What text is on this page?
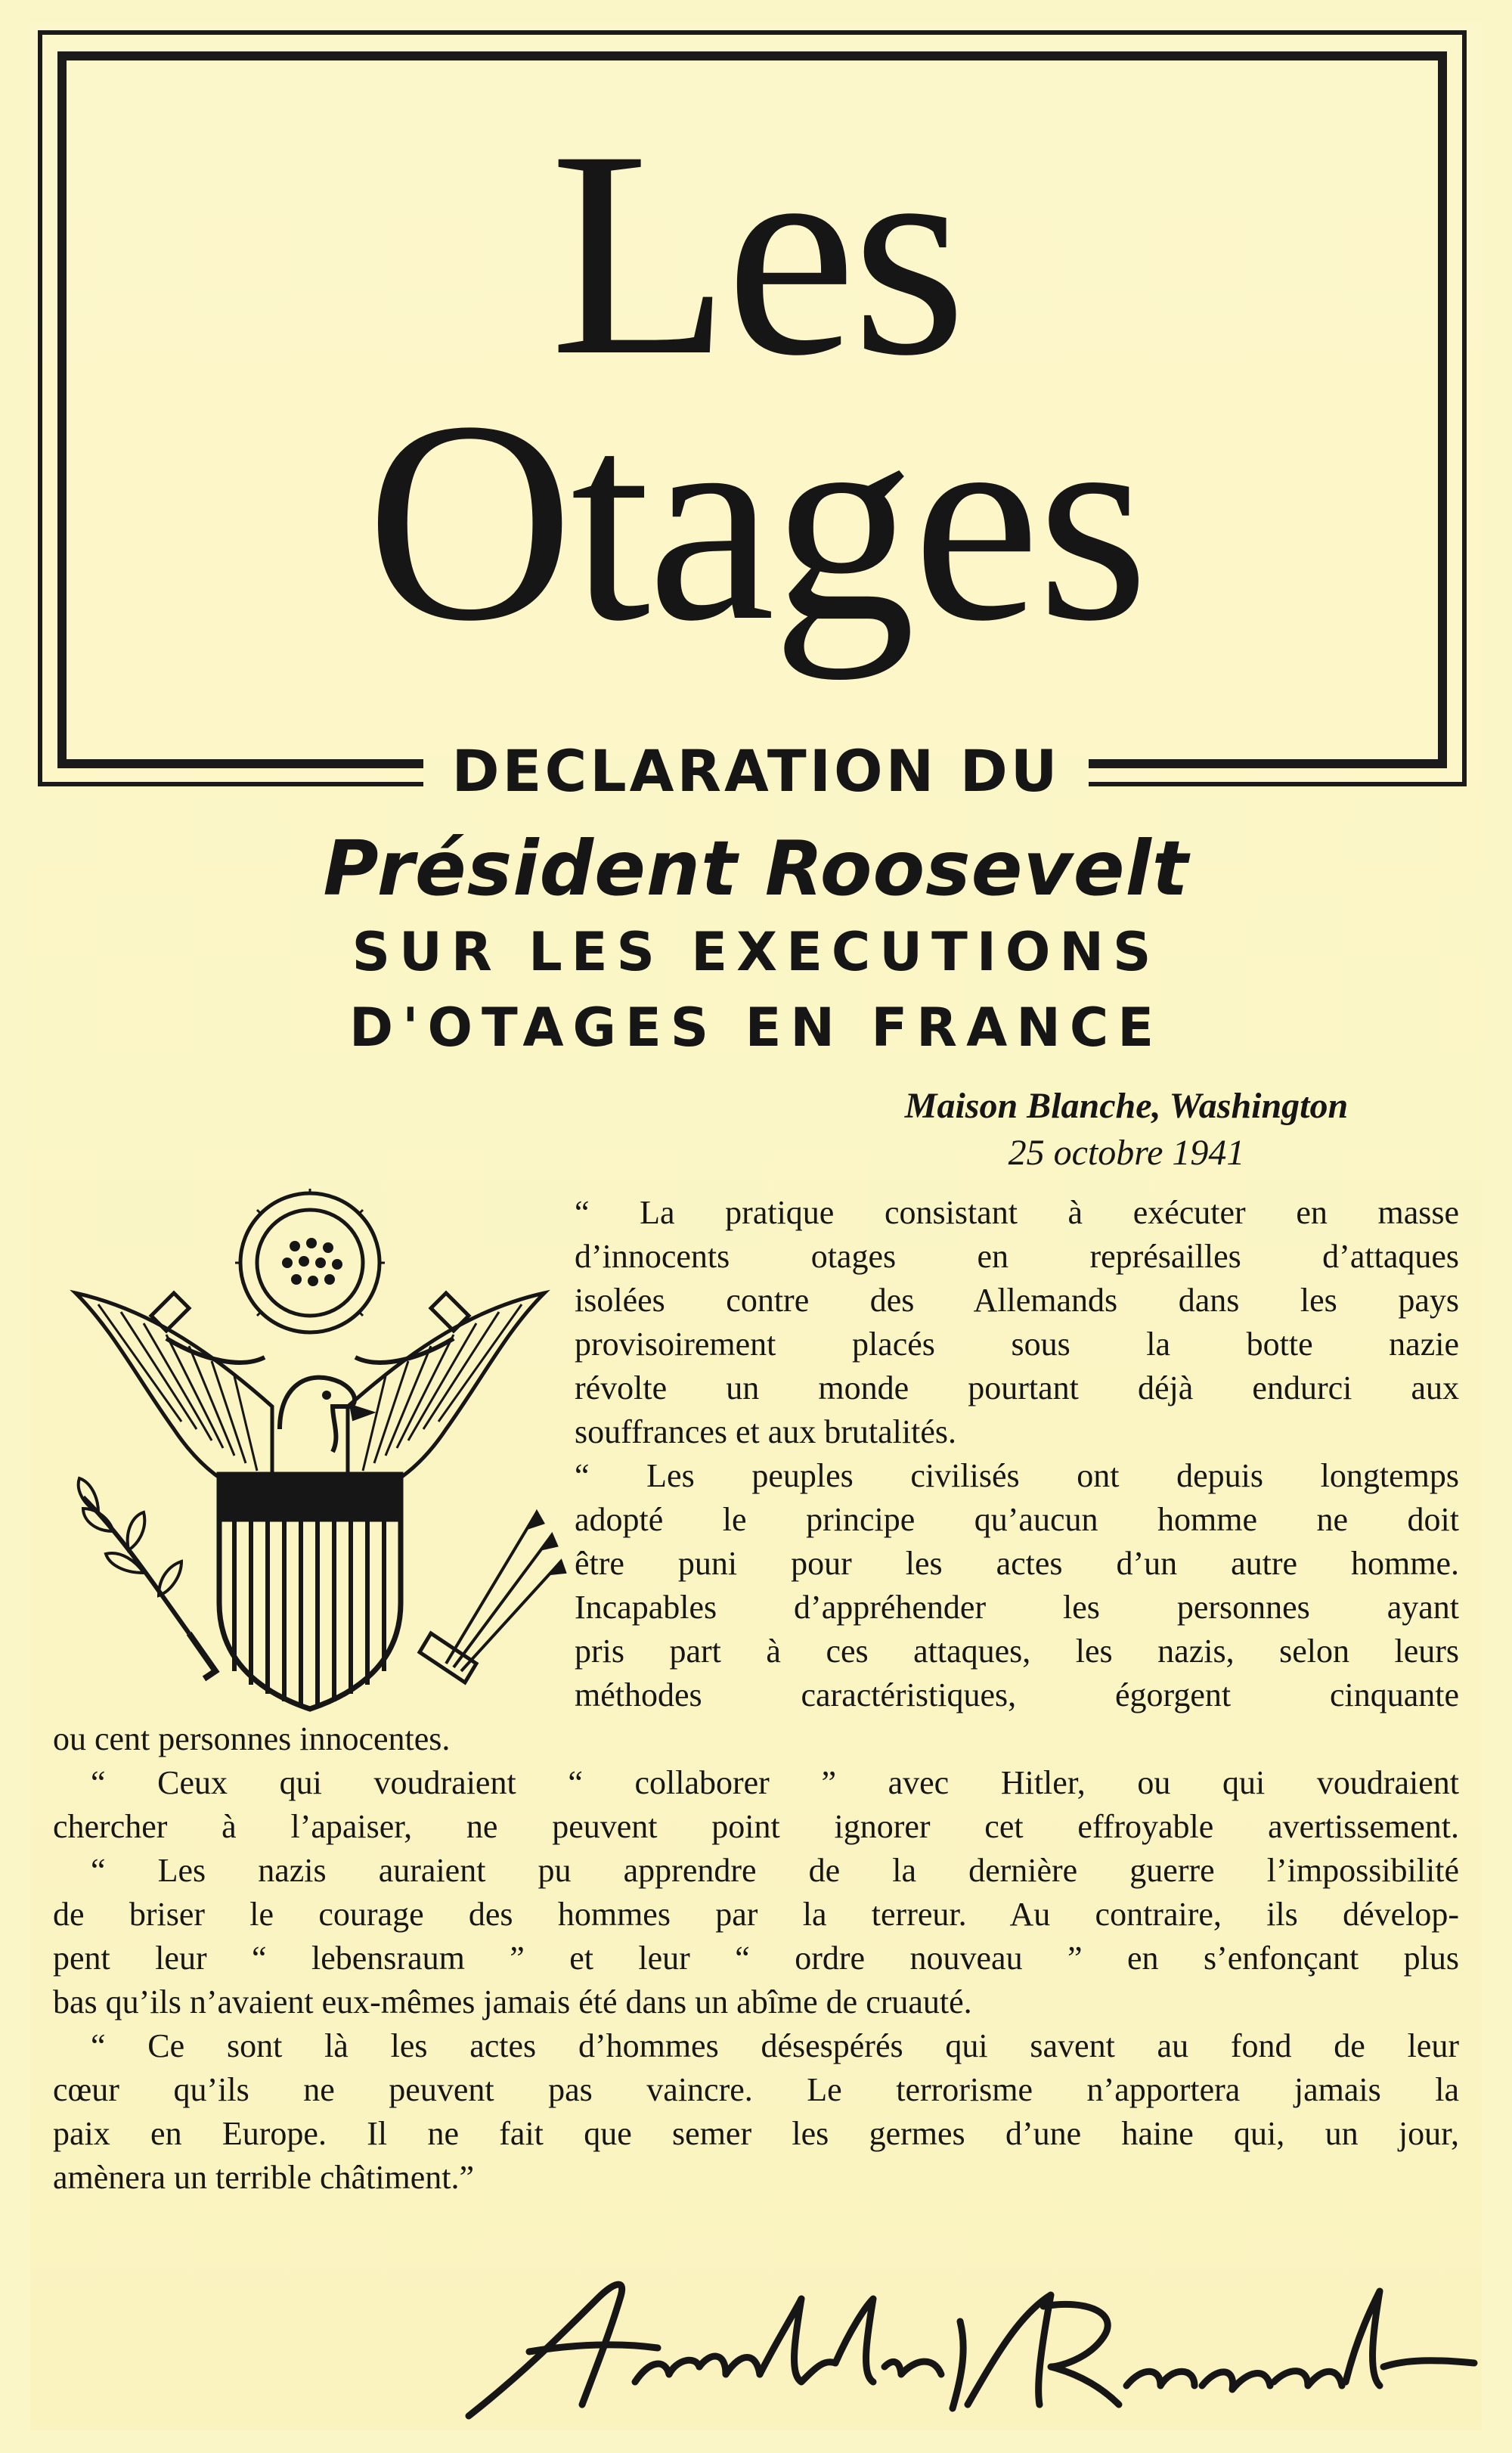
Les
Otages
DECLARATION DU
Président Roosevelt
SUR LES EXECUTIONS
D'OTAGES EN FRANCE
Maison Blanche, Washington
25 octobre 1941
“ La pratique consistant à exécuter en masse
d’innocents otages en représailles d’attaques
isolées contre des Allemands dans les pays
provisoirement placés sous la botte nazie
révolte un monde pourtant déjà endurci aux
souffrances et aux brutalités.
“ Les peuples civilisés ont depuis longtemps
adopté le principe qu’aucun homme ne doit
être puni pour les actes d’un autre homme.
Incapables d’appréhender les personnes ayant
pris part à ces attaques, les nazis, selon leurs
méthodes caractéristiques, égorgent cinquante
ou cent personnes innocentes.
“ Ceux qui voudraient “ collaborer ” avec Hitler, ou qui voudraient
chercher à l’apaiser, ne peuvent point ignorer cet effroyable avertissement.
“ Les nazis auraient pu apprendre de la dernière guerre l’impossibilité
de briser le courage des hommes par la terreur. Au contraire, ils dévelop-
pent leur “ lebensraum ” et leur “ ordre nouveau ” en s’enfonçant plus
bas qu’ils n’avaient eux-mêmes jamais été dans un abîme de cruauté.
“ Ce sont là les actes d’hommes désespérés qui savent au fond de leur
cœur qu’ils ne peuvent pas vaincre. Le terrorisme n’apportera jamais la
paix en Europe. Il ne fait que semer les germes d’une haine qui, un jour,
amènera un terrible châtiment.”
